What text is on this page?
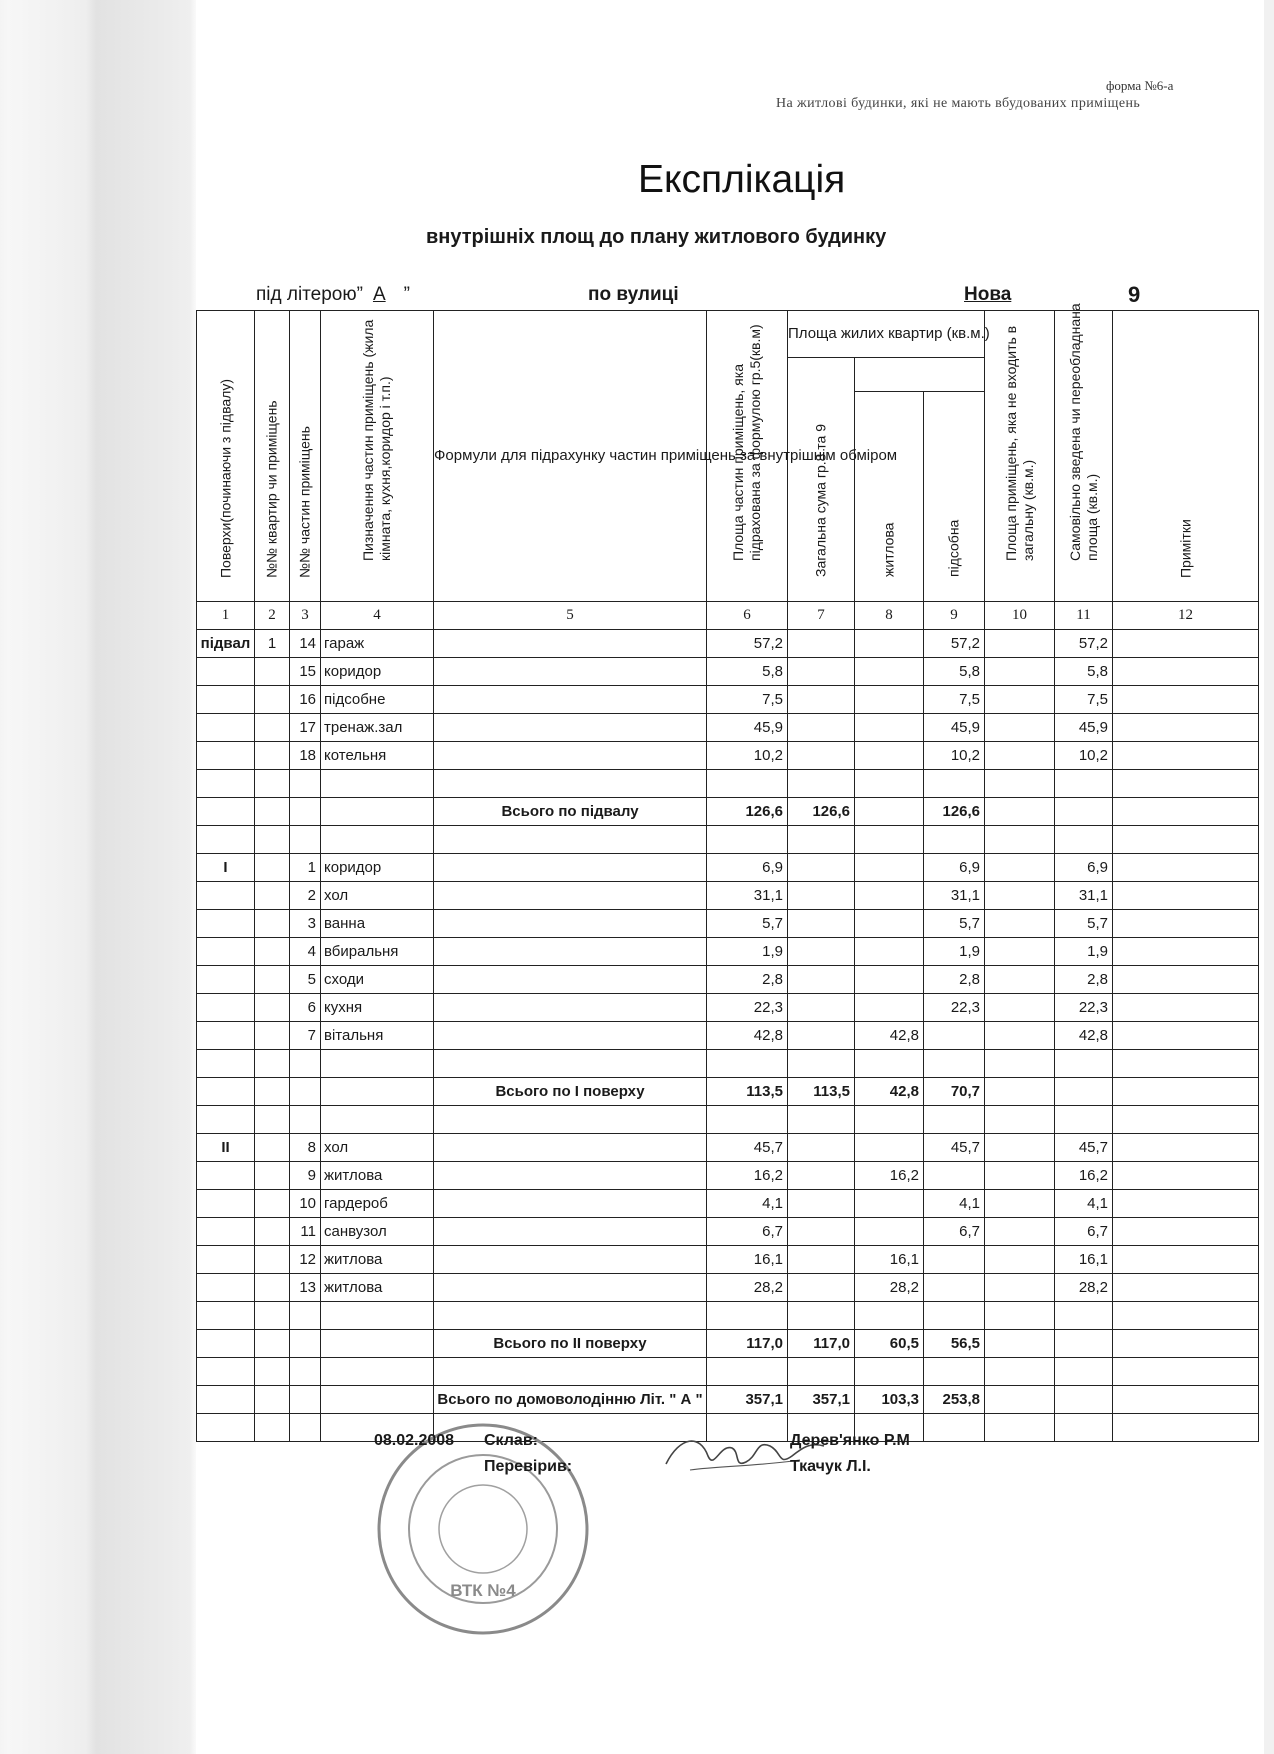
форма №6-а
На житлові будинки, які не мають вбудованих приміщень
Експлікація
внутрішніх площ до плану житлового будинку
під літерою” А ”	по вулиці	Нова	9
Поверхи(починаючи з підвалу)	№№ квартир чи приміщень	№№ частин приміщень	Пизначення частин приміщень (жила кімната, кухня,коридор і т.п.)	Формули для підрахунку частин приміщень за внутрішнім обміром	Площа частин приміщень, яка підрахована за формулою гр.5(кв.м)	Площа жилих квартир (кв.м.)			Площа приміщень, яка не входить в загальну (кв.м.)	Самовільно зведена чи переобладнана площа (кв.м.)	Примітки

						Загальна сума гр.8 та 9					

							житлова	підсобна			

1	2	3	4	5	6	7	8	9	10	11	12
підвал	1	14	гараж		57,2			57,2		57,2	
		15	коридор		5,8			5,8		5,8	
		16	підсобне		7,5			7,5		7,5	
		17	тренаж.зал		45,9			45,9		45,9	
		18	котельня		10,2			10,2		10,2	

				Всього по підвалу	126,6	126,6		126,6			

I		1	коридор		6,9			6,9		6,9	
		2	хол		31,1			31,1		31,1	
		3	ванна		5,7			5,7		5,7	
		4	вбиральня		1,9			1,9		1,9	
		5	сходи		2,8			2,8		2,8	
		6	кухня		22,3			22,3		22,3	
		7	вітальня		42,8		42,8			42,8	

				Всього по І поверху	113,5	113,5	42,8	70,7			

ІІ		8	хол		45,7			45,7		45,7	
		9	житлова		16,2		16,2			16,2	
		10	гардероб		4,1			4,1		4,1	
		11	санвузол		6,7			6,7		6,7	
		12	житлова		16,1		16,1			16,1	
		13	житлова		28,2		28,2			28,2	

				Всього по ІІ поверху	117,0	117,0	60,5	56,5			

				Всього по домоволодінню Літ. " А "	357,1	357,1	103,3	253,8			

ВТК №4
08.02.2008 Склав:	Дерев'янко Р.М
Перевірив:	Ткачук Л.І.
